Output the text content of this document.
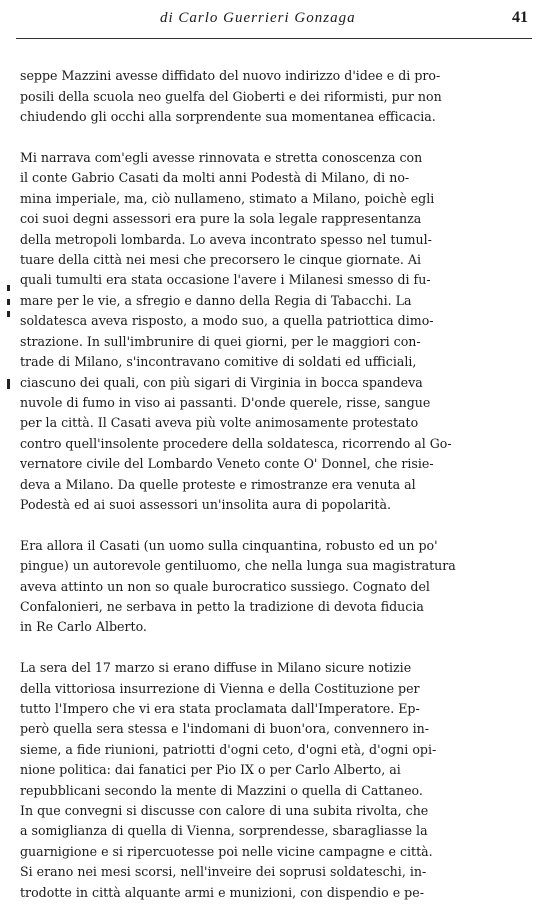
di Carlo Guerrieri Gonzaga	41

seppe Mazzini avesse diffidato del nuovo indirizzo d'idee e di pro-
posili della scuola neo guelfa del Gioberti e dei riformisti, pur non
chiudendo gli occhi alla sorprendente sua momentanea efficacia.

Mi narrava com'egli avesse rinnovata e stretta conoscenza con
il conte Gabrio Casati da molti anni Podestà di Milano, di no-
mina imperiale, ma, ciò nullameno, stimato a Milano, poichè egli
coi suoi degni assessori era pure la sola legale rappresentanza
della metropoli lombarda. Lo aveva incontrato spesso nel tumul-
tuare della città nei mesi che precorsero le cinque giornate. Ai
quali tumulti era stata occasione l'avere i Milanesi smesso di fu-
mare per le vie, a sfregio e danno della Regia di Tabacchi. La
soldatesca aveva risposto, a modo suo, a quella patriottica dimo-
strazione. In sull'imbrunire di quei giorni, per le maggiori con-
trade di Milano, s'incontravano comitive di soldati ed ufficiali,
ciascuno dei quali, con più sigari di Virginia in bocca spandeva
nuvole di fumo in viso ai passanti. D'onde querele, risse, sangue
per la città. Il Casati aveva più volte animosamente protestato
contro quell'insolente procedere della soldatesca, ricorrendo al Go-
vernatore civile del Lombardo Veneto conte O' Donnel, che risie-
deva a Milano. Da quelle proteste e rimostranze era venuta al
Podestà ed ai suoi assessori un'insolita aura di popolarità.

Era allora il Casati (un uomo sulla cinquantina, robusto ed un po'
pingue) un autorevole gentiluomo, che nella lunga sua magistratura
aveva attinto un non so quale burocratico sussiego. Cognato del
Confalonieri, ne serbava in petto la tradizione di devota fiducia
in Re Carlo Alberto.

La sera del 17 marzo si erano diffuse in Milano sicure notizie
della vittoriosa insurrezione di Vienna e della Costituzione per
tutto l'Impero che vi era stata proclamata dall'Imperatore. Ep-
però quella sera stessa e l'indomani di buon'ora, convennero in-
sieme, a fide riunioni, patriotti d'ogni ceto, d'ogni età, d'ogni opi-
nione politica: dai fanatici per Pio IX o per Carlo Alberto, ai
repubblicani secondo la mente di Mazzini o quella di Cattaneo.
In que convegni si discusse con calore di una subita rivolta, che
a somiglianza di quella di Vienna, sorprendesse, sbaragliasse la
guarnigione e si ripercuotesse poi nelle vicine campagne e città.
Si erano nei mesi scorsi, nell'inveire dei soprusi soldateschi, in-
trodotte in città alquante armi e munizioni, con dispendio e pe-
